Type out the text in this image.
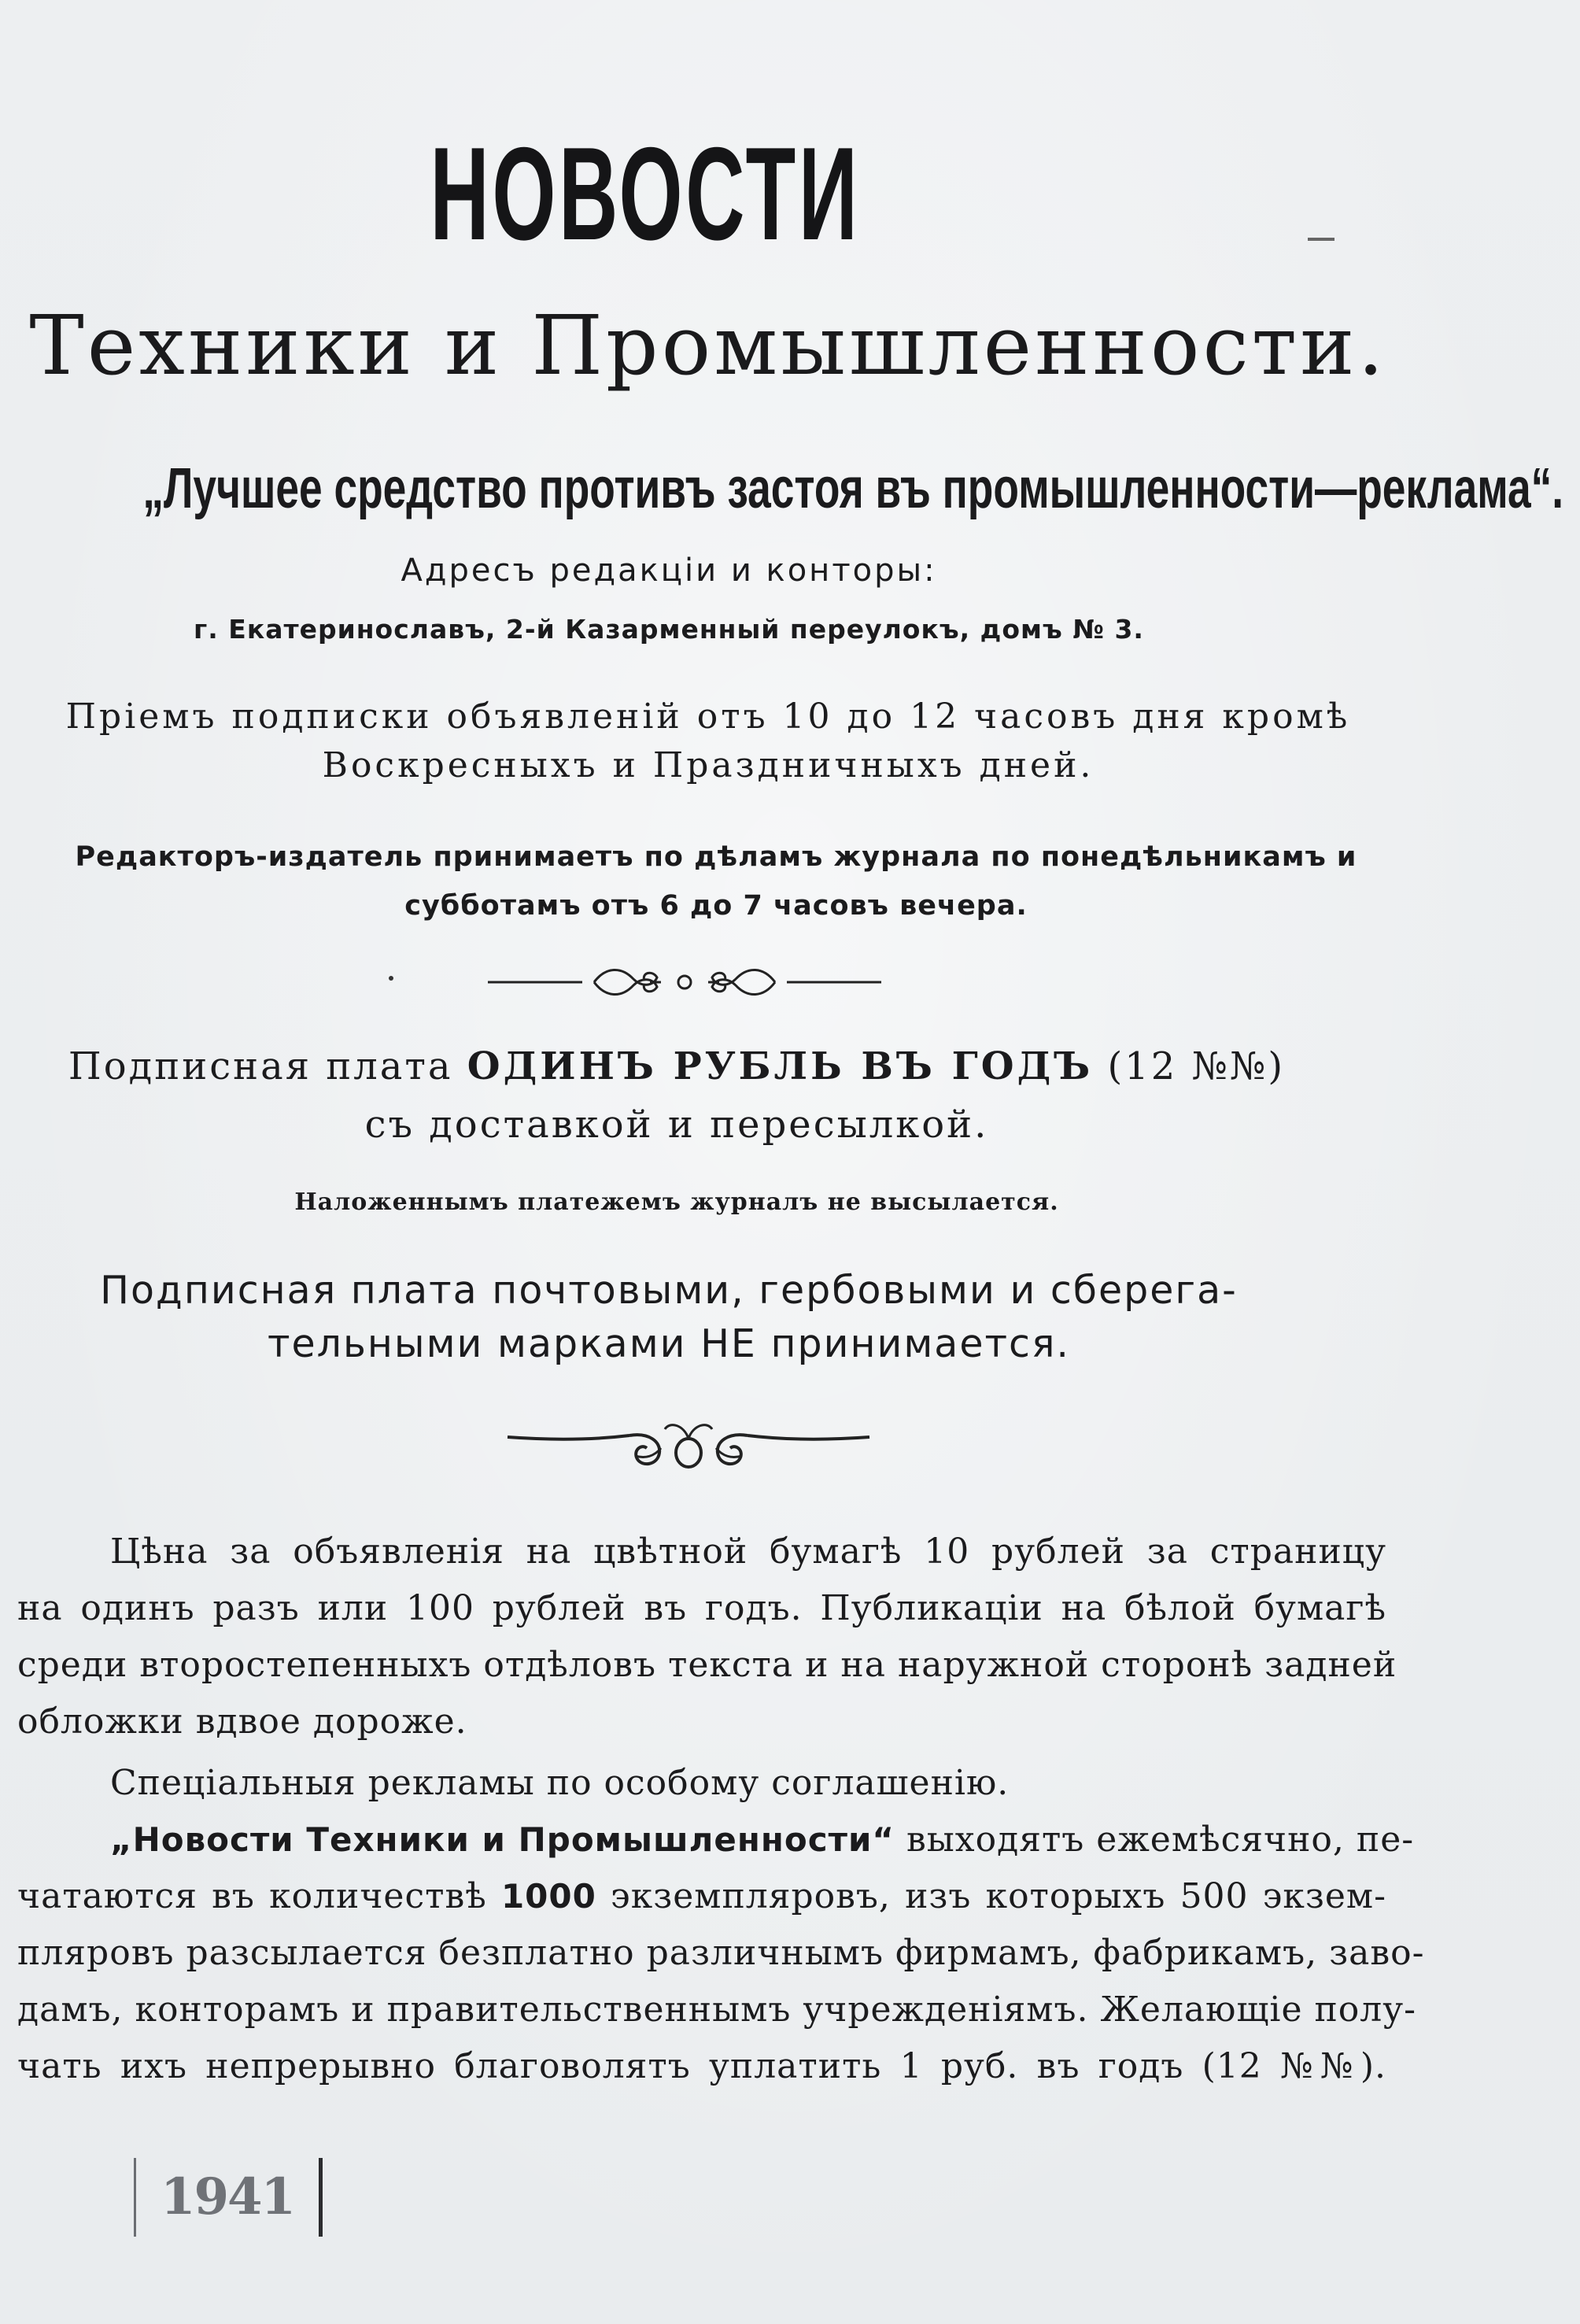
НОВОСТИ
Техники и Промышленности.
„Лучшее средство противъ застоя въ промышленности—реклама“.
Адресъ редакціи и конторы:
г. Екатеринославъ, 2-й Казарменный переулокъ, домъ № 3.
Пріемъ подписки объявленій отъ 10 до 12 часовъ дня кромѣ
Воскресныхъ и Праздничныхъ дней.
Редакторъ-издатель принимаетъ по дѣламъ журнала по понедѣльникамъ и
субботамъ отъ 6 до 7 часовъ вечера.
Подписная плата ОДИНЪ РУБЛЬ ВЪ ГОДЪ (12 №№)
съ доставкой и пересылкой.
Наложеннымъ платежемъ журналъ не высылается.
Подписная плата почтовыми, гербовыми и сберега-
тельными марками НЕ принимается.
Цѣна за объявленія на цвѣтной бумагѣ 10 рублей за страницу
на одинъ разъ или 100 рублей въ годъ. Публикаціи на бѣлой бумагѣ
среди второстепенныхъ отдѣловъ текста и на наружной сторонѣ задней
обложки вдвое дороже.
Спеціальныя рекламы по особому соглашенію.
„Новости Техники и Промышленности“ выходятъ ежемѣсячно, пе-
чатаются въ количествѣ 1000 экземпляровъ, изъ которыхъ 500 экзем-
пляровъ разсылается безплатно различнымъ фирмамъ, фабрикамъ, заво-
дамъ, конторамъ и правительственнымъ учрежденіямъ. Желающіе полу-
чать ихъ непрерывно благоволятъ уплатить 1 руб. въ годъ (12 №№).
1941
